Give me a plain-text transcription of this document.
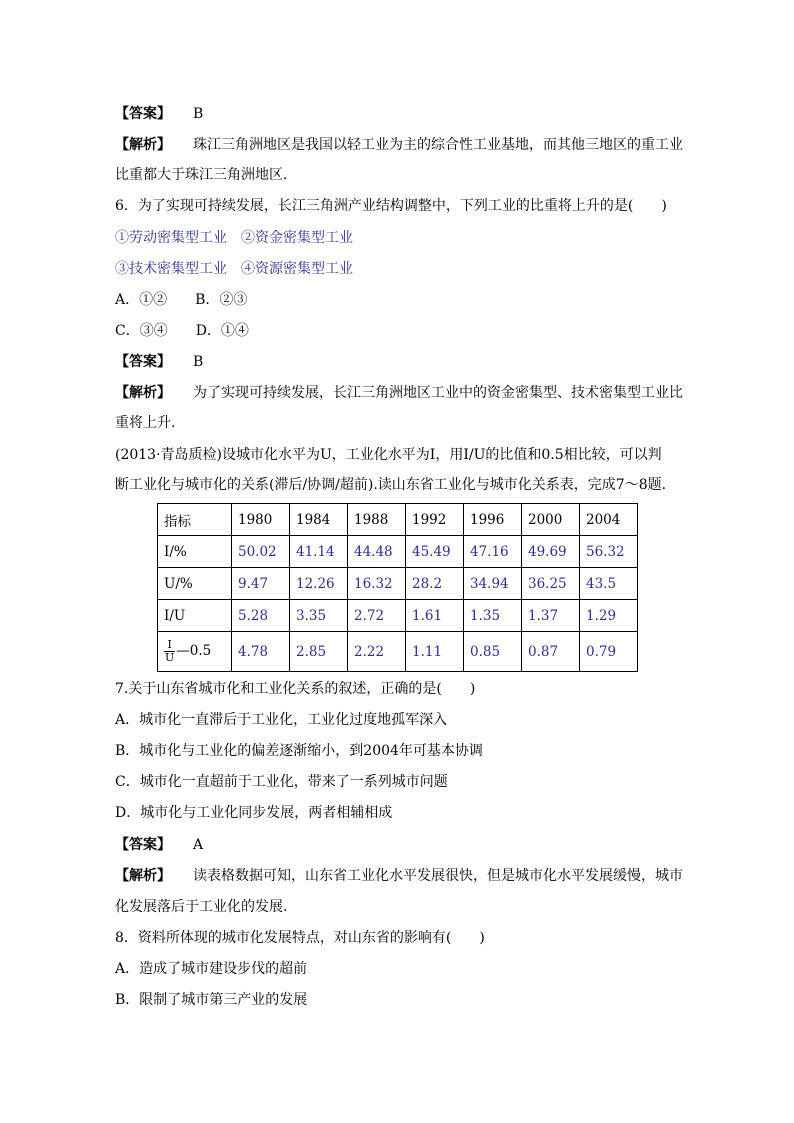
【答案】 B
【解析】 珠江三角洲地区是我国以轻工业为主的综合性工业基地，而其他三地区的重工业
比重都大于珠江三角洲地区.
6．为了实现可持续发展，长江三角洲产业结构调整中，下列工业的比重将上升的是(　　)
①劳动密集型工业　②资金密集型工业
③技术密集型工业　④资源密集型工业
A．①②　　B．②③
C．③④　　D．①④
【答案】 B
【解析】 为了实现可持续发展，长江三角洲地区工业中的资金密集型、技术密集型工业比
重将上升.
(2013·青岛质检)设城市化水平为U，工业化水平为I，用I/U的比值和0.5相比较，可以判
断工业化与城市化的关系(滞后/协调/超前).读山东省工业化与城市化关系表，完成7～8题.
指标	1980	1984	1988	1992	1996	2000	2004
I/%	50.02	41.14	44.48	45.49	47.16	49.69	56.32
U/%	9.47	12.26	16.32	28.2	34.94	36.25	43.5
I/U	5.28	3.35	2.72	1.61	1.35	1.37	1.29

$\frac{I}{U}$ —0.5	4.78	2.85	2.22	1.11	0.85	0.87	0.79
7.关于山东省城市化和工业化关系的叙述，正确的是(　　)
A．城市化一直滞后于工业化，工业化过度地孤军深入
B．城市化与工业化的偏差逐渐缩小，到2004年可基本协调
C．城市化一直超前于工业化，带来了一系列城市问题
D．城市化与工业化同步发展，两者相辅相成
【答案】 A
【解析】 读表格数据可知，山东省工业化水平发展很快，但是城市化水平发展缓慢，城市
化发展落后于工业化的发展.
8．资料所体现的城市化发展特点，对山东省的影响有(　　)
A．造成了城市建设步伐的超前
B．限制了城市第三产业的发展
